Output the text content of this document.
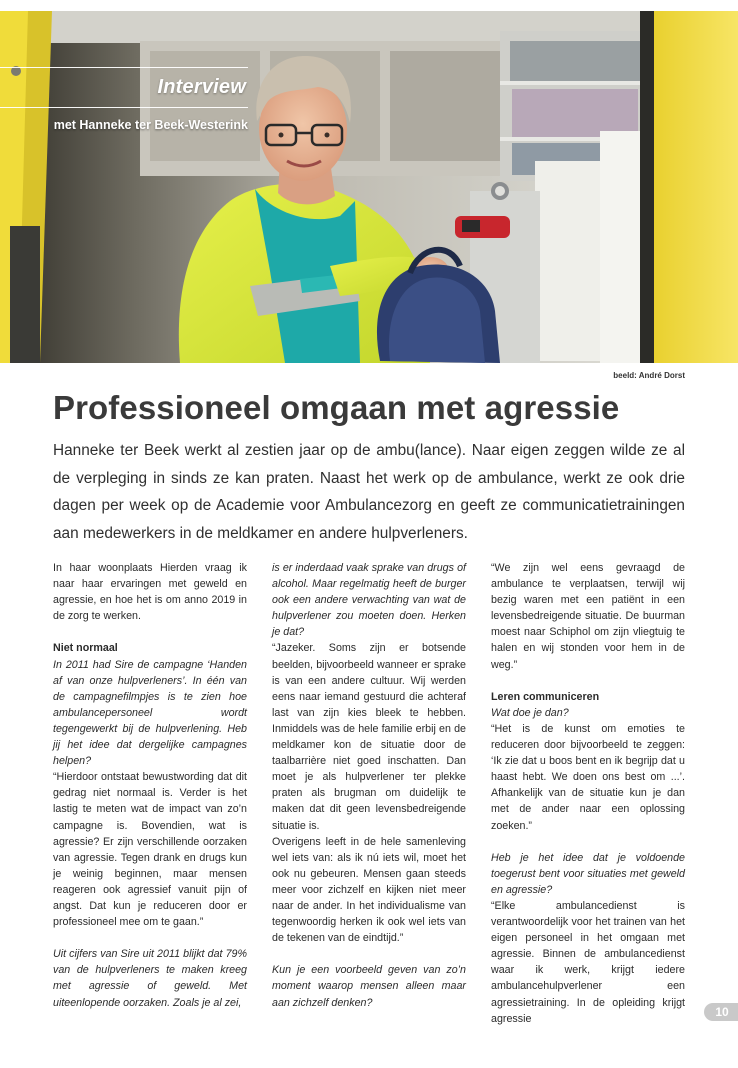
Interview
met Hanneke ter Beek-Westerink
beeld: André Dorst
Professioneel omgaan met agressie

Hanneke ter Beek werkt al zestien jaar op de ambu(lance). Naar eigen zeggen wilde ze al de verpleging in sinds ze kan praten. Naast het werk op de ambulance, werkt ze ook drie dagen per week op de Academie voor Ambulancezorg en geeft ze communicatietrainingen aan medewerkers in de meldkamer en andere hulpverleners.

In haar woonplaats Hierden vraag ik naar haar ervaringen met geweld en agressie, en hoe het is om anno 2019 in de zorg te werken.

Niet normaal

In 2011 had Sire de campagne ‘Handen af van onze hulpverleners’. In één van de campagnefilmpjes is te zien hoe ambulancepersoneel wordt tegengewerkt bij de hulpverlening. Heb jij het idee dat dergelijke campagnes helpen?

“Hierdoor ontstaat bewustwording dat dit gedrag niet normaal is. Verder is het lastig te meten wat de impact van zo’n campagne is. Bovendien, wat is agressie? Er zijn verschillende oorzaken van agressie. Tegen drank en drugs kun je weinig beginnen, maar mensen reageren ook agressief vanuit pijn of angst. Dat kun je reduceren door er professioneel mee om te gaan.”

Uit cijfers van Sire uit 2011 blijkt dat 79% van de hulpverleners te maken kreeg met agressie of geweld. Met uiteenlopende oorzaken. Zoals je al zei,

is er inderdaad vaak sprake van drugs of alcohol. Maar regelmatig heeft de burger ook een andere verwachting van wat de hulpverlener zou moeten doen. Herken je dat?

“Jazeker. Soms zijn er botsende beelden, bijvoorbeeld wanneer er sprake is van een andere cultuur. Wij werden eens naar iemand gestuurd die achteraf last van zijn kies bleek te hebben. Inmiddels was de hele familie erbij en de meldkamer kon de situatie door de taalbarrière niet goed inschatten. Dan moet je als hulpverlener ter plekke praten als brugman om duidelijk te maken dat dit geen levensbedreigende situatie is.

Overigens leeft in de hele samenleving wel iets van: als ik nú iets wil, moet het ook nu gebeuren. Mensen gaan steeds meer voor zichzelf en kijken niet meer naar de ander. In het individualisme van tegenwoordig herken ik ook wel iets van de tekenen van de eindtijd.”

Kun je een voorbeeld geven van zo’n moment waarop mensen alleen maar aan zichzelf denken?

“We zijn wel eens gevraagd de ambulance te verplaatsen, terwijl wij bezig waren met een patiënt in een levensbedreigende situatie. De buurman moest naar Schiphol om zijn vliegtuig te halen en wij stonden voor hem in de weg.”

Leren communiceren

Wat doe je dan?

“Het is de kunst om emoties te reduceren door bijvoorbeeld te zeggen: ‘Ik zie dat u boos bent en ik begrijp dat u haast hebt. We doen ons best om ...’. Afhankelijk van de situatie kun je dan met de ander naar een oplossing zoeken.”

Heb je het idee dat je voldoende toegerust bent voor situaties met geweld en agressie?

“Elke ambulancedienst is verantwoordelijk voor het trainen van het eigen personeel in het omgaan met agressie. Binnen de ambulancedienst waar ik werk, krijgt iedere ambulancehulpverlener een agressietraining. In de opleiding krijgt agressie	10
